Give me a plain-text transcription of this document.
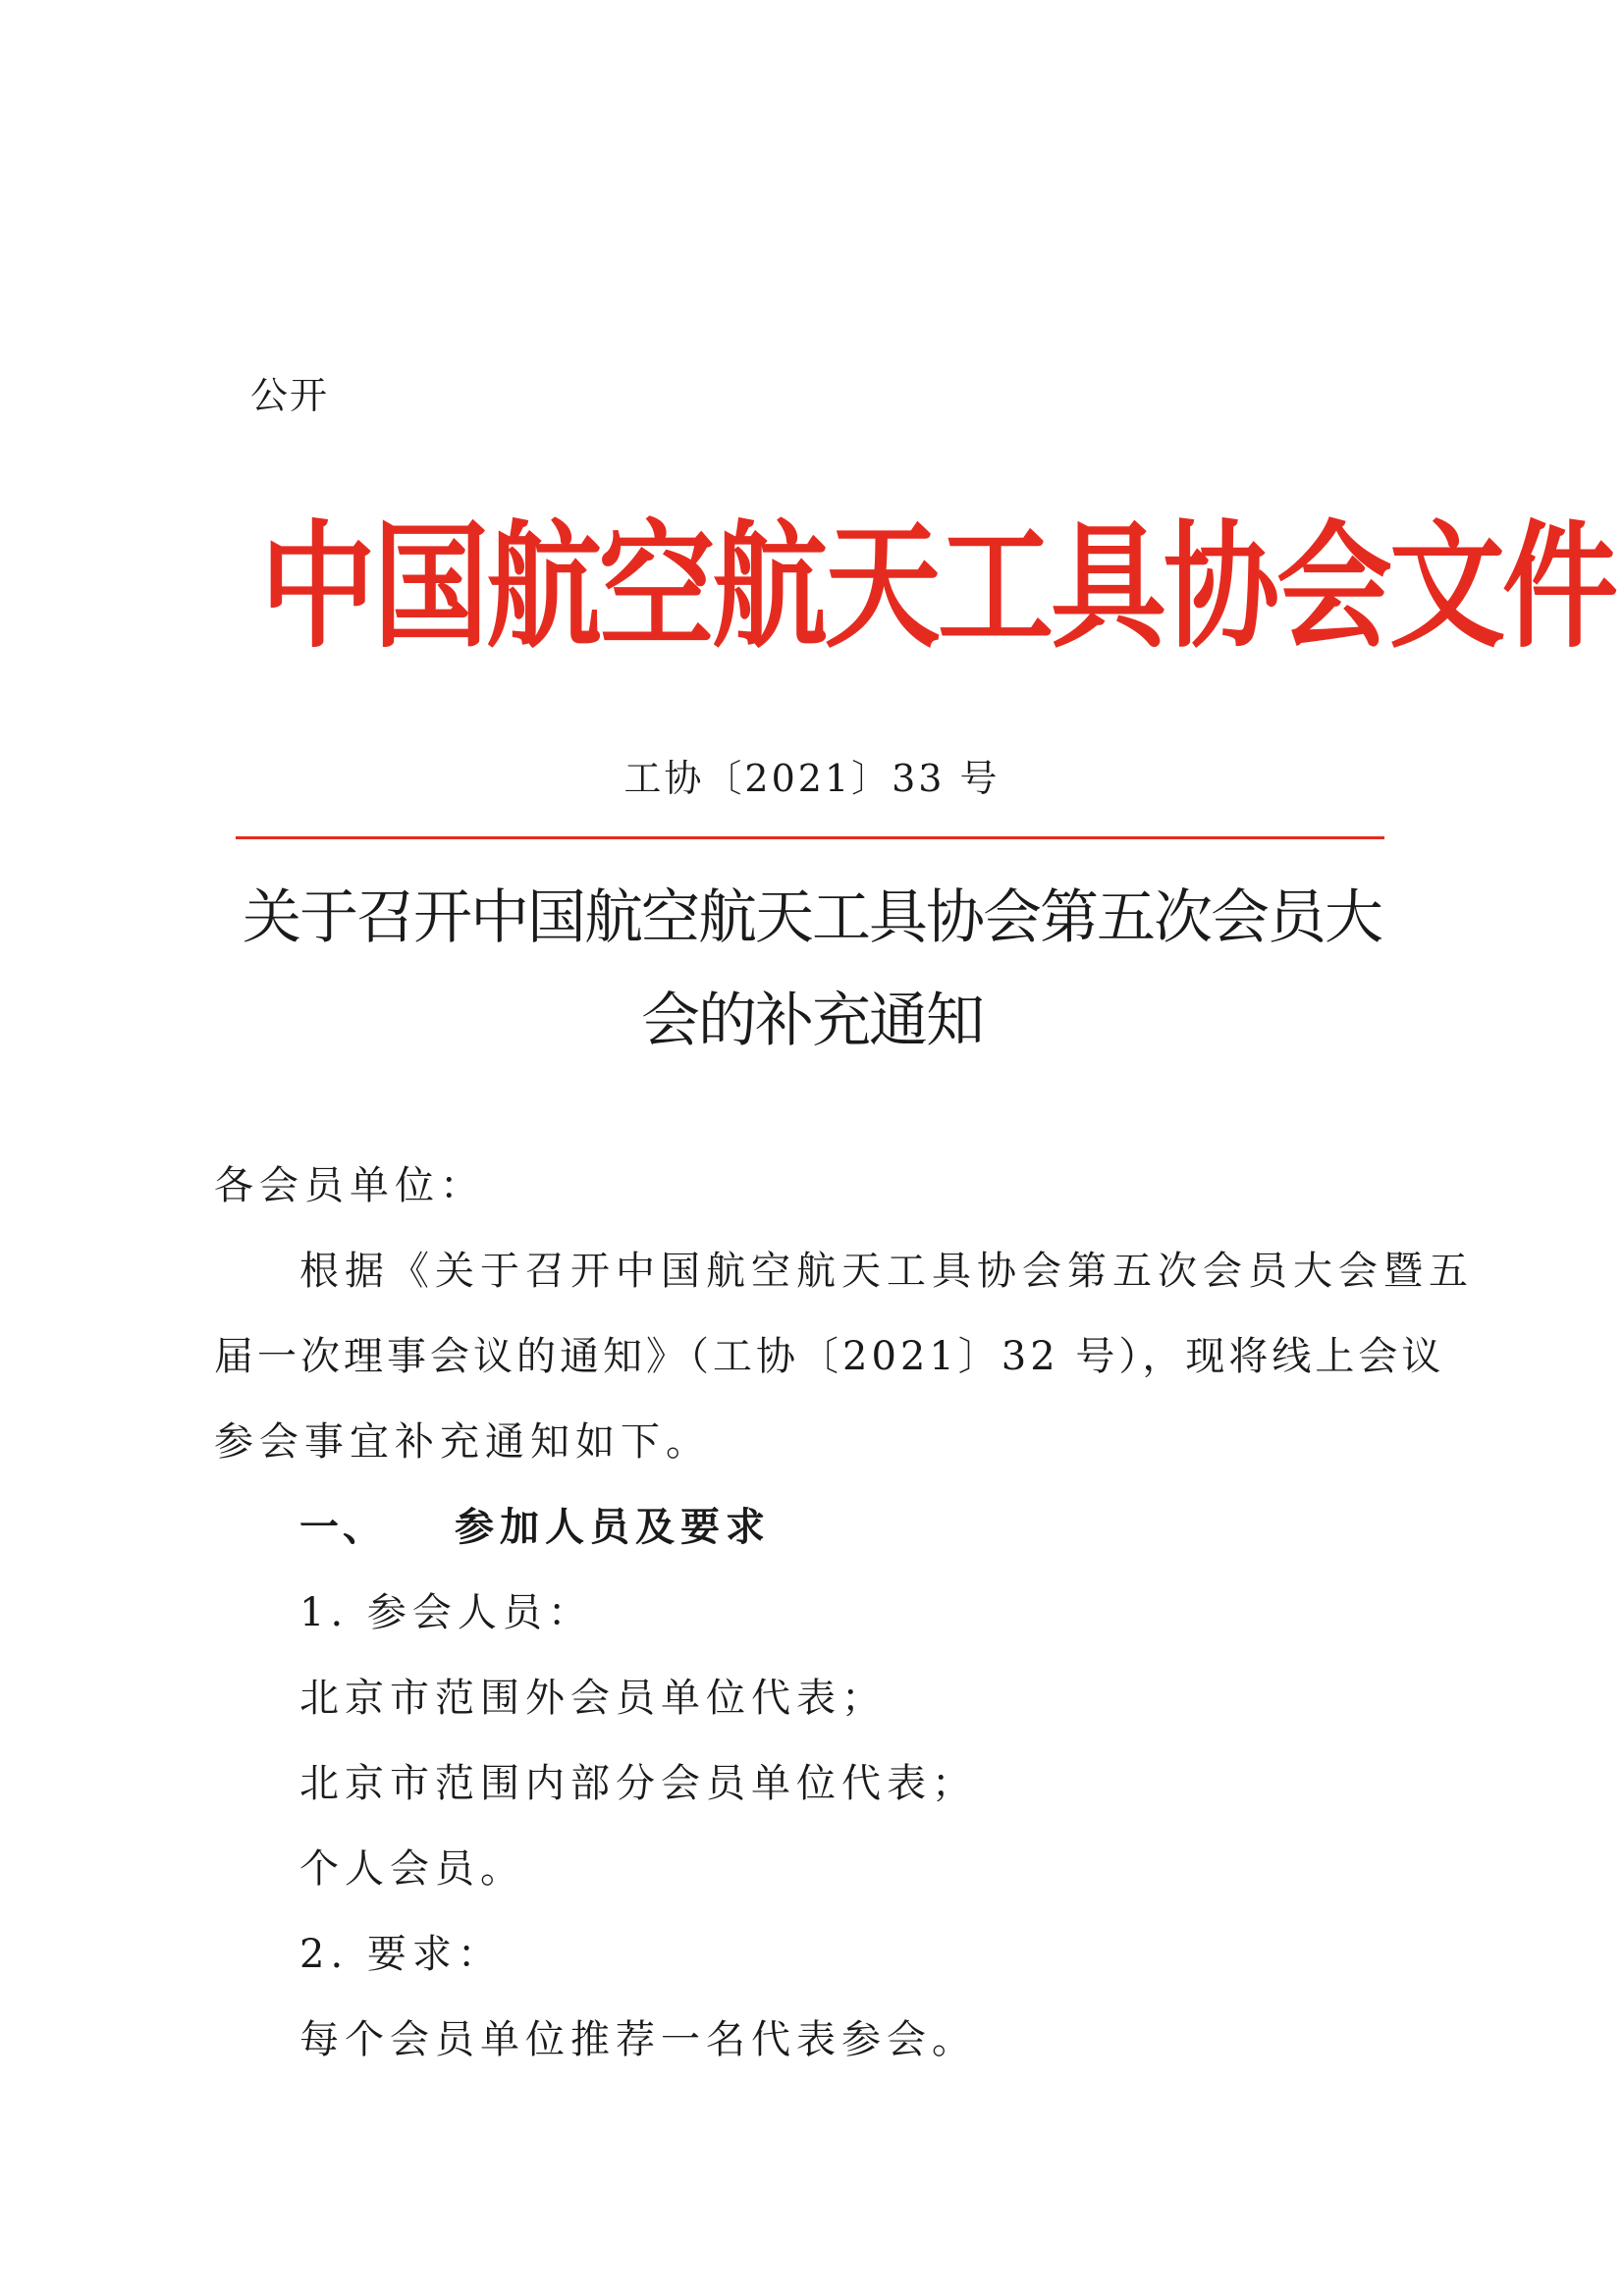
公开
中国航空航天工具协会文件
工协〔2021〕33 号
关于召开中国航空航天工具协会第五次会员大
会的补充通知
各会员单位：
根据《关于召开中国航空航天工具协会第五次会员大会暨五
届一次理事会议的通知》（工协〔2021〕32 号），现将线上会议
参会事宜补充通知如下。
一、 参加人员及要求
1. 参会人员：
北京市范围外会员单位代表；
北京市范围内部分会员单位代表；
个人会员。
2. 要求：
每个会员单位推荐一名代表参会。
